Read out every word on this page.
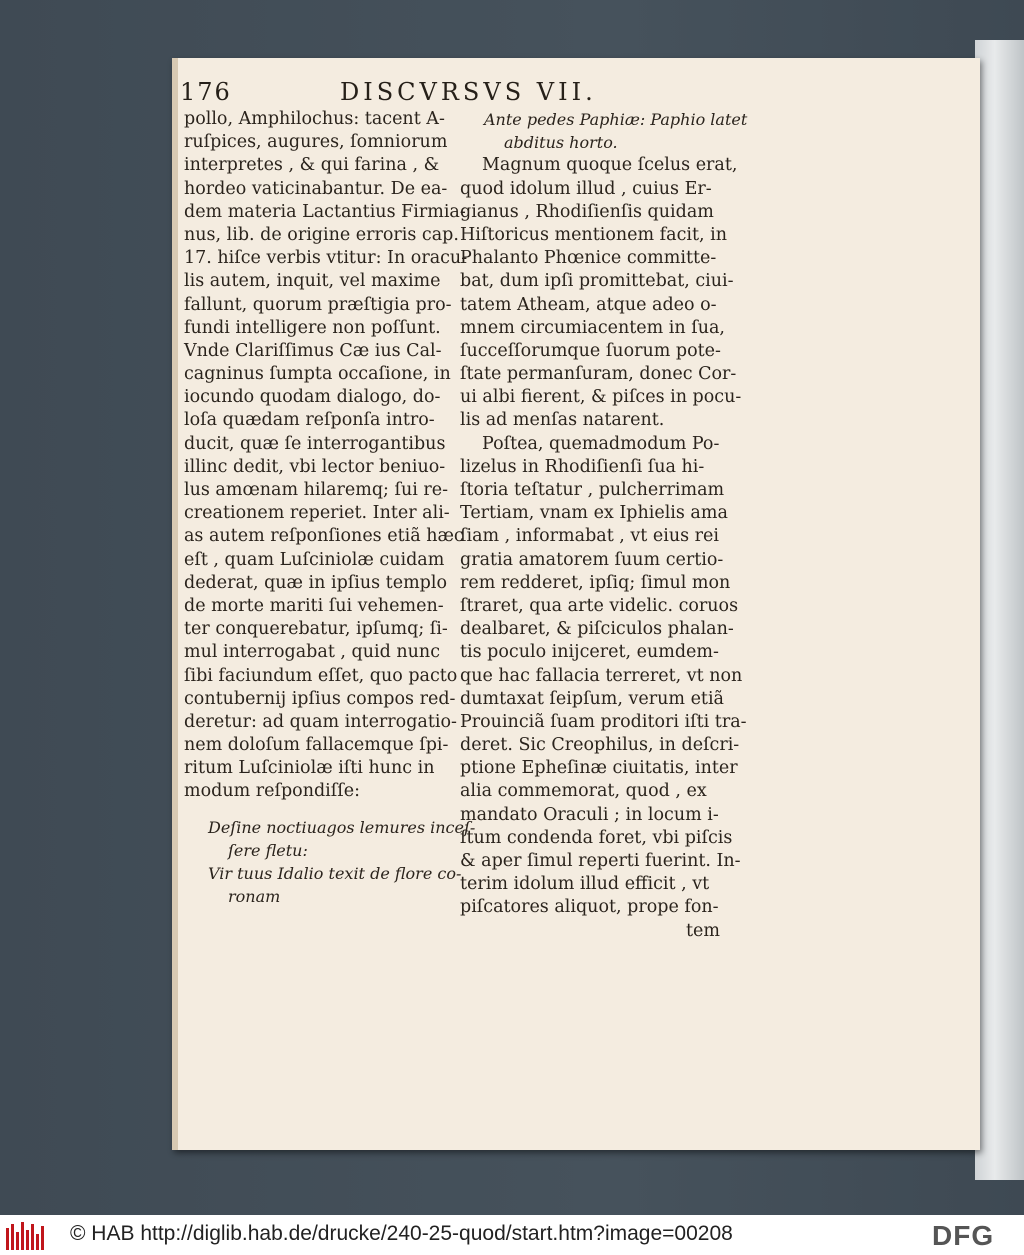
176	DISCVRSVS VII.
pollo, Amphilochus: tacent A-
ruſpices, augures, ſomniorum
interpretes , & qui farina , &
hordeo vaticinabantur. De ea-
dem materia Lactantius Firmia-
nus, lib. de origine erroris cap.
17. hiſce verbis vtitur: In oracu-
lis autem, inquit, vel maxime
fallunt, quorum præſtigia pro-
fundi intelligere non poſſunt.
Vnde Clariſſimus Cæ ius Cal-
cagninus ſumpta occaſione, in
iocundo quodam dialogo, do-
loſa quædam reſponſa intro-
ducit, quæ ſe interrogantibus
illinc dedit, vbi lector beniuo-
lus amœnam hilaremq; ſui re-
creationem reperiet. Inter ali-
as autem reſponſiones etiã hæc
eſt , quam Luſciniolæ cuidam
dederat, quæ in ipſius templo
de morte mariti ſui vehemen-
ter conquerebatur, ipſumq; ſi-
mul interrogabat , quid nunc
ſibi faciundum eſſet, quo pacto
contubernij ipſius compos red-
deretur: ad quam interrogatio-
nem doloſum fallacemque ſpi-
ritum Luſciniolæ iſti hunc in
modum reſpondiſſe:
Deſine noctiuagos lemures inceſ-
ſere fletu:
Vir tuus Idalio texit de flore co-
ronam
Ante pedes Paphiæ: Paphio latet
abditus horto.
Magnum quoque ſcelus erat,
quod idolum illud , cuius Er-
gianus , Rhodiſienſis quidam
Hiſtoricus mentionem facit, in
Phalanto Phœnice committe-
bat, dum ipſi promittebat, ciui-
tatem Atheam, atque adeo o-
mnem circumiacentem in ſua,
ſucceſſorumque ſuorum pote-
ſtate permanſuram, donec Cor-
ui albi fierent, & piſces in pocu-
lis ad menſas natarent.
Poſtea, quemadmodum Po-
lizelus in Rhodiſienſi ſua hi-
ſtoria teſtatur , pulcherrimam
Tertiam, vnam ex Iphielis ama
ſiam , informabat , vt eius rei
gratia amatorem ſuum certio-
rem redderet, ipſiq; ſimul mon
ſtraret, qua arte videlic. coruos
dealbaret, & piſciculos phalan-
tis poculo inijceret, eumdem-
que hac fallacia terreret, vt non
dumtaxat ſeipſum, verum etiã
Prouinciã ſuam proditori iſti tra-
deret. Sic Creophilus, in deſcri-
ptione Epheſinæ ciuitatis, inter
alia commemorat, quod , ex
mandato Oraculi ; in locum i-
ſtum condenda foret, vbi piſcis
& aper ſimul reperti fuerint. In-
terim idolum illud efficit , vt
piſcatores aliquot, prope fon-
tem
© HAB http://diglib.hab.de/drucke/240-25-quod/start.htm?image=00208	DFG
